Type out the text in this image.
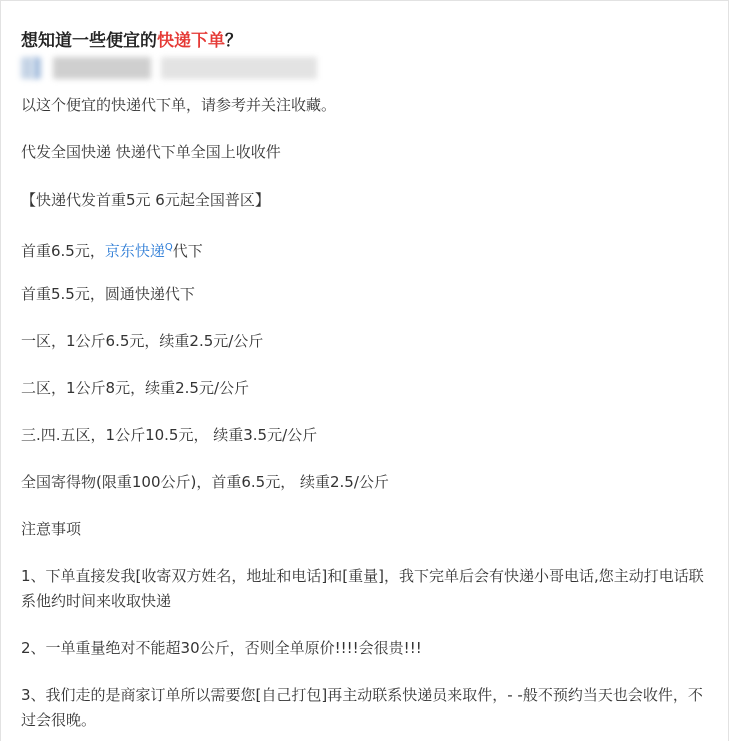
想知道一些便宜的快递下单？
以这个便宜的快递代下单，请参考并关注收藏。
代发全国快递 快递代下单全国上收收件
【快递代发首重5元 6元起全国普区】
首重6.5元，京东快递$^Q$代下
首重5.5元，圆通快递代下
一区，1公斤6.5元，续重2.5元/公斤
二区，1公斤8元，续重2.5元/公斤
三.四.五区，1公斤10.5元， 续重3.5元/公斤
全国寄得物(限重100公斤)，首重6.5元， 续重2.5/公斤
注意事项
1、下单直接发我[收寄双方姓名，地址和电话]和[重量]，我下完单后会有快递小哥电话,您主动打电话联系他约时间来收取快递
2、一单重量绝对不能超30公斤，否则全单原价!!!!会很贵!!!
3、我们走的是商家订单所以需要您[自己打包]再主动联系快递员来取件，- -般不预约当天也会收件，不过会很晚。
